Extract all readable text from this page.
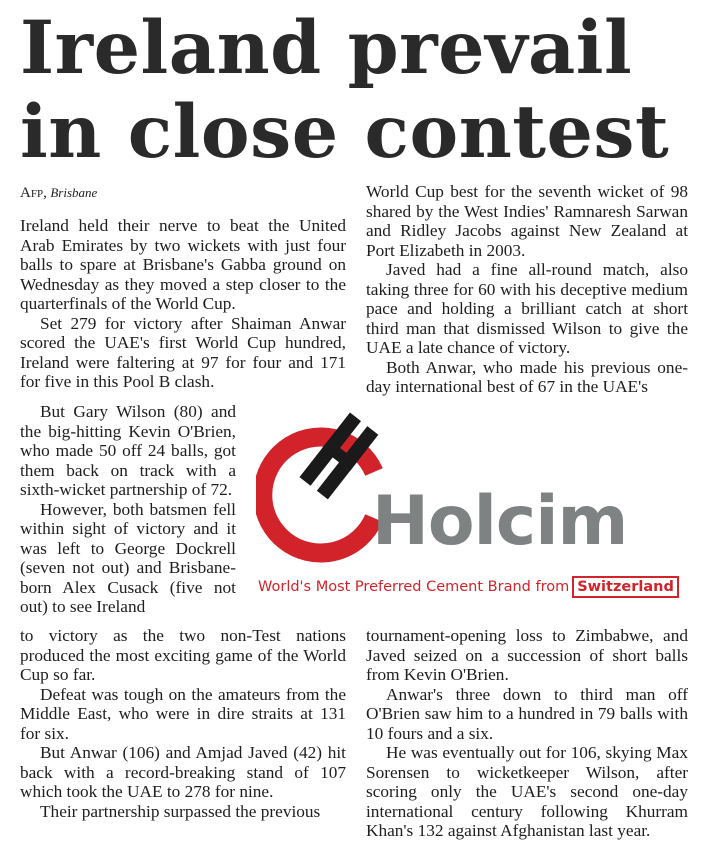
Ireland prevail in close contest
Afp, Brisbane

Ireland held their nerve to beat the United Arab Emirates by two wickets with just four balls to spare at Brisbane's Gabba ground on Wednesday as they moved a step closer to the quarterfinals of the World Cup.

Set 279 for victory after Shaiman Anwar scored the UAE's first World Cup hundred, Ireland were faltering at 97 for four and 171 for five in this Pool B clash.

But Gary Wilson (80) and the big-hitting Kevin O'Brien, who made 50 off 24 balls, got them back on track with a sixth-wicket partnership of 72.

However, both batsmen fell within sight of victory and it was left to George Dockrell (seven not out) and Brisbane-born Alex Cusack (five not out) to see Ireland

to victory as the two non-Test nations produced the most exciting game of the World Cup so far.

Defeat was tough on the amateurs from the Middle East, who were in dire straits at 131 for six.

But Anwar (106) and Amjad Javed (42) hit back with a record-breaking stand of 107 which took the UAE to 278 for nine.

Their partnership surpassed the previous

World Cup best for the seventh wicket of 98 shared by the West Indies' Ramnaresh Sarwan and Ridley Jacobs against New Zealand at Port Elizabeth in 2003.

Javed had a fine all-round match, also taking three for 60 with his deceptive medium pace and holding a brilliant catch at short third man that dismissed Wilson to give the UAE a late chance of victory.

Both Anwar, who made his previous one-day international best of 67 in the UAE's

tournament-opening loss to Zimbabwe, and Javed seized on a succession of short balls from Kevin O'Brien.

Anwar's three down to third man off O'Brien saw him to a hundred in 79 balls with 10 fours and a six.

He was eventually out for 106, skying Max Sorensen to wicketkeeper Wilson, after scoring only the UAE's second one-day international century following Khurram Khan's 132 against Afghanistan last year.

Holcim
World's Most Preferred Cement Brand from Switzerland
